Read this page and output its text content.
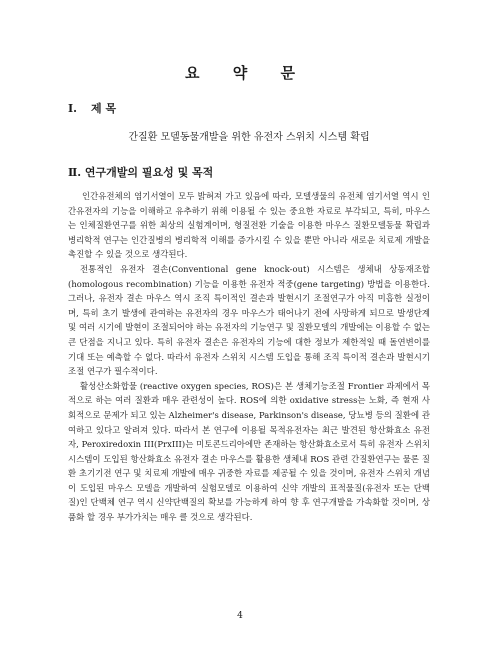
요 약 문
Ⅰ. 제 목
간질환 모델동물개발을 위한 유전자 스위치 시스템 확립
Ⅱ. 연구개발의 필요성 및 목적

인간유전체의 염기서열이 모두 밝혀져 가고 있음에 따라, 모델생물의 유전체 염기서열 역시 인간유전자의 기능을 이해하고 유추하기 위해 이용될 수 있는 중요한 자료로 부각되고, 특히, 마우스는 인체질환연구를 위한 최상의 실험계이며, 형질전환 기술을 이용한 마우스 질환모델동물 확립과 병리학적 연구는 인간질병의 병리학적 이해를 증가시킬 수 있을 뿐만 아니라 새로운 치료제 개발을 촉진할 수 있을 것으로 생각된다.

전통적인 유전자 결손(Conventional gene knock-out) 시스템은 생체내 상동재조합(homologous recombination) 기능을 이용한 유전자 적중(gene targeting) 방법을 이용한다. 그러나, 유전자 결손 마우스 역시 조직 특이적인 결손과 발현시기 조절연구가 아직 미흡한 실정이며, 특히 초기 발생에 관여하는 유전자의 경우 마우스가 태어나기 전에 사망하게 되므로 발생단계 및 여러 시기에 발현이 조절되어야 하는 유전자의 기능연구 및 질환모델의 개발에는 이용할 수 없는 큰 단점을 지니고 있다. 특히 유전자 결손은 유전자의 기능에 대한 정보가 제한적일 때 돌연변이를 기대 또는 예측할 수 없다. 따라서 유전자 스위치 시스템 도입을 통해 조직 특이적 결손과 발현시기 조절 연구가 필수적이다.

활성산소화합물 (reactive oxygen species, ROS)은 본 생체기능조절 Frontier 과제에서 목적으로 하는 여러 질환과 매우 관련성이 높다. ROS에 의한 oxidative stress는 노화, 즉 현재 사회적으로 문제가 되고 있는 Alzheimer's disease, Parkinson's disease, 당뇨병 등의 질환에 관여하고 있다고 알려져 있다. 따라서 본 연구에 이용될 목적유전자는 최근 발견된 항산화효소 유전자, Peroxiredoxin III(PrxIII)는 미토콘드리아에만 존재하는 항산화효소로서 특히 유전자 스위치 시스템이 도입된 항산화효소 유전자 결손 마우스를 활용한 생체내 ROS 관련 간질환연구는 물론 질환 초기기전 연구 및 치료제 개발에 매우 귀중한 자료를 제공될 수 있을 것이며, 유전자 스위치 개념이 도입된 마우스 모델을 개발하여 실험모델로 이용하여 신약 개발의 표적물질(유전자 또는 단백질)인 단백체 연구 역시 신약단백질의 확보를 가능하게 하여 향 후 연구개발을 가속화할 것이며, 상품화 할 경우 부가가치는 매우 클 것으로 생각된다.

4
